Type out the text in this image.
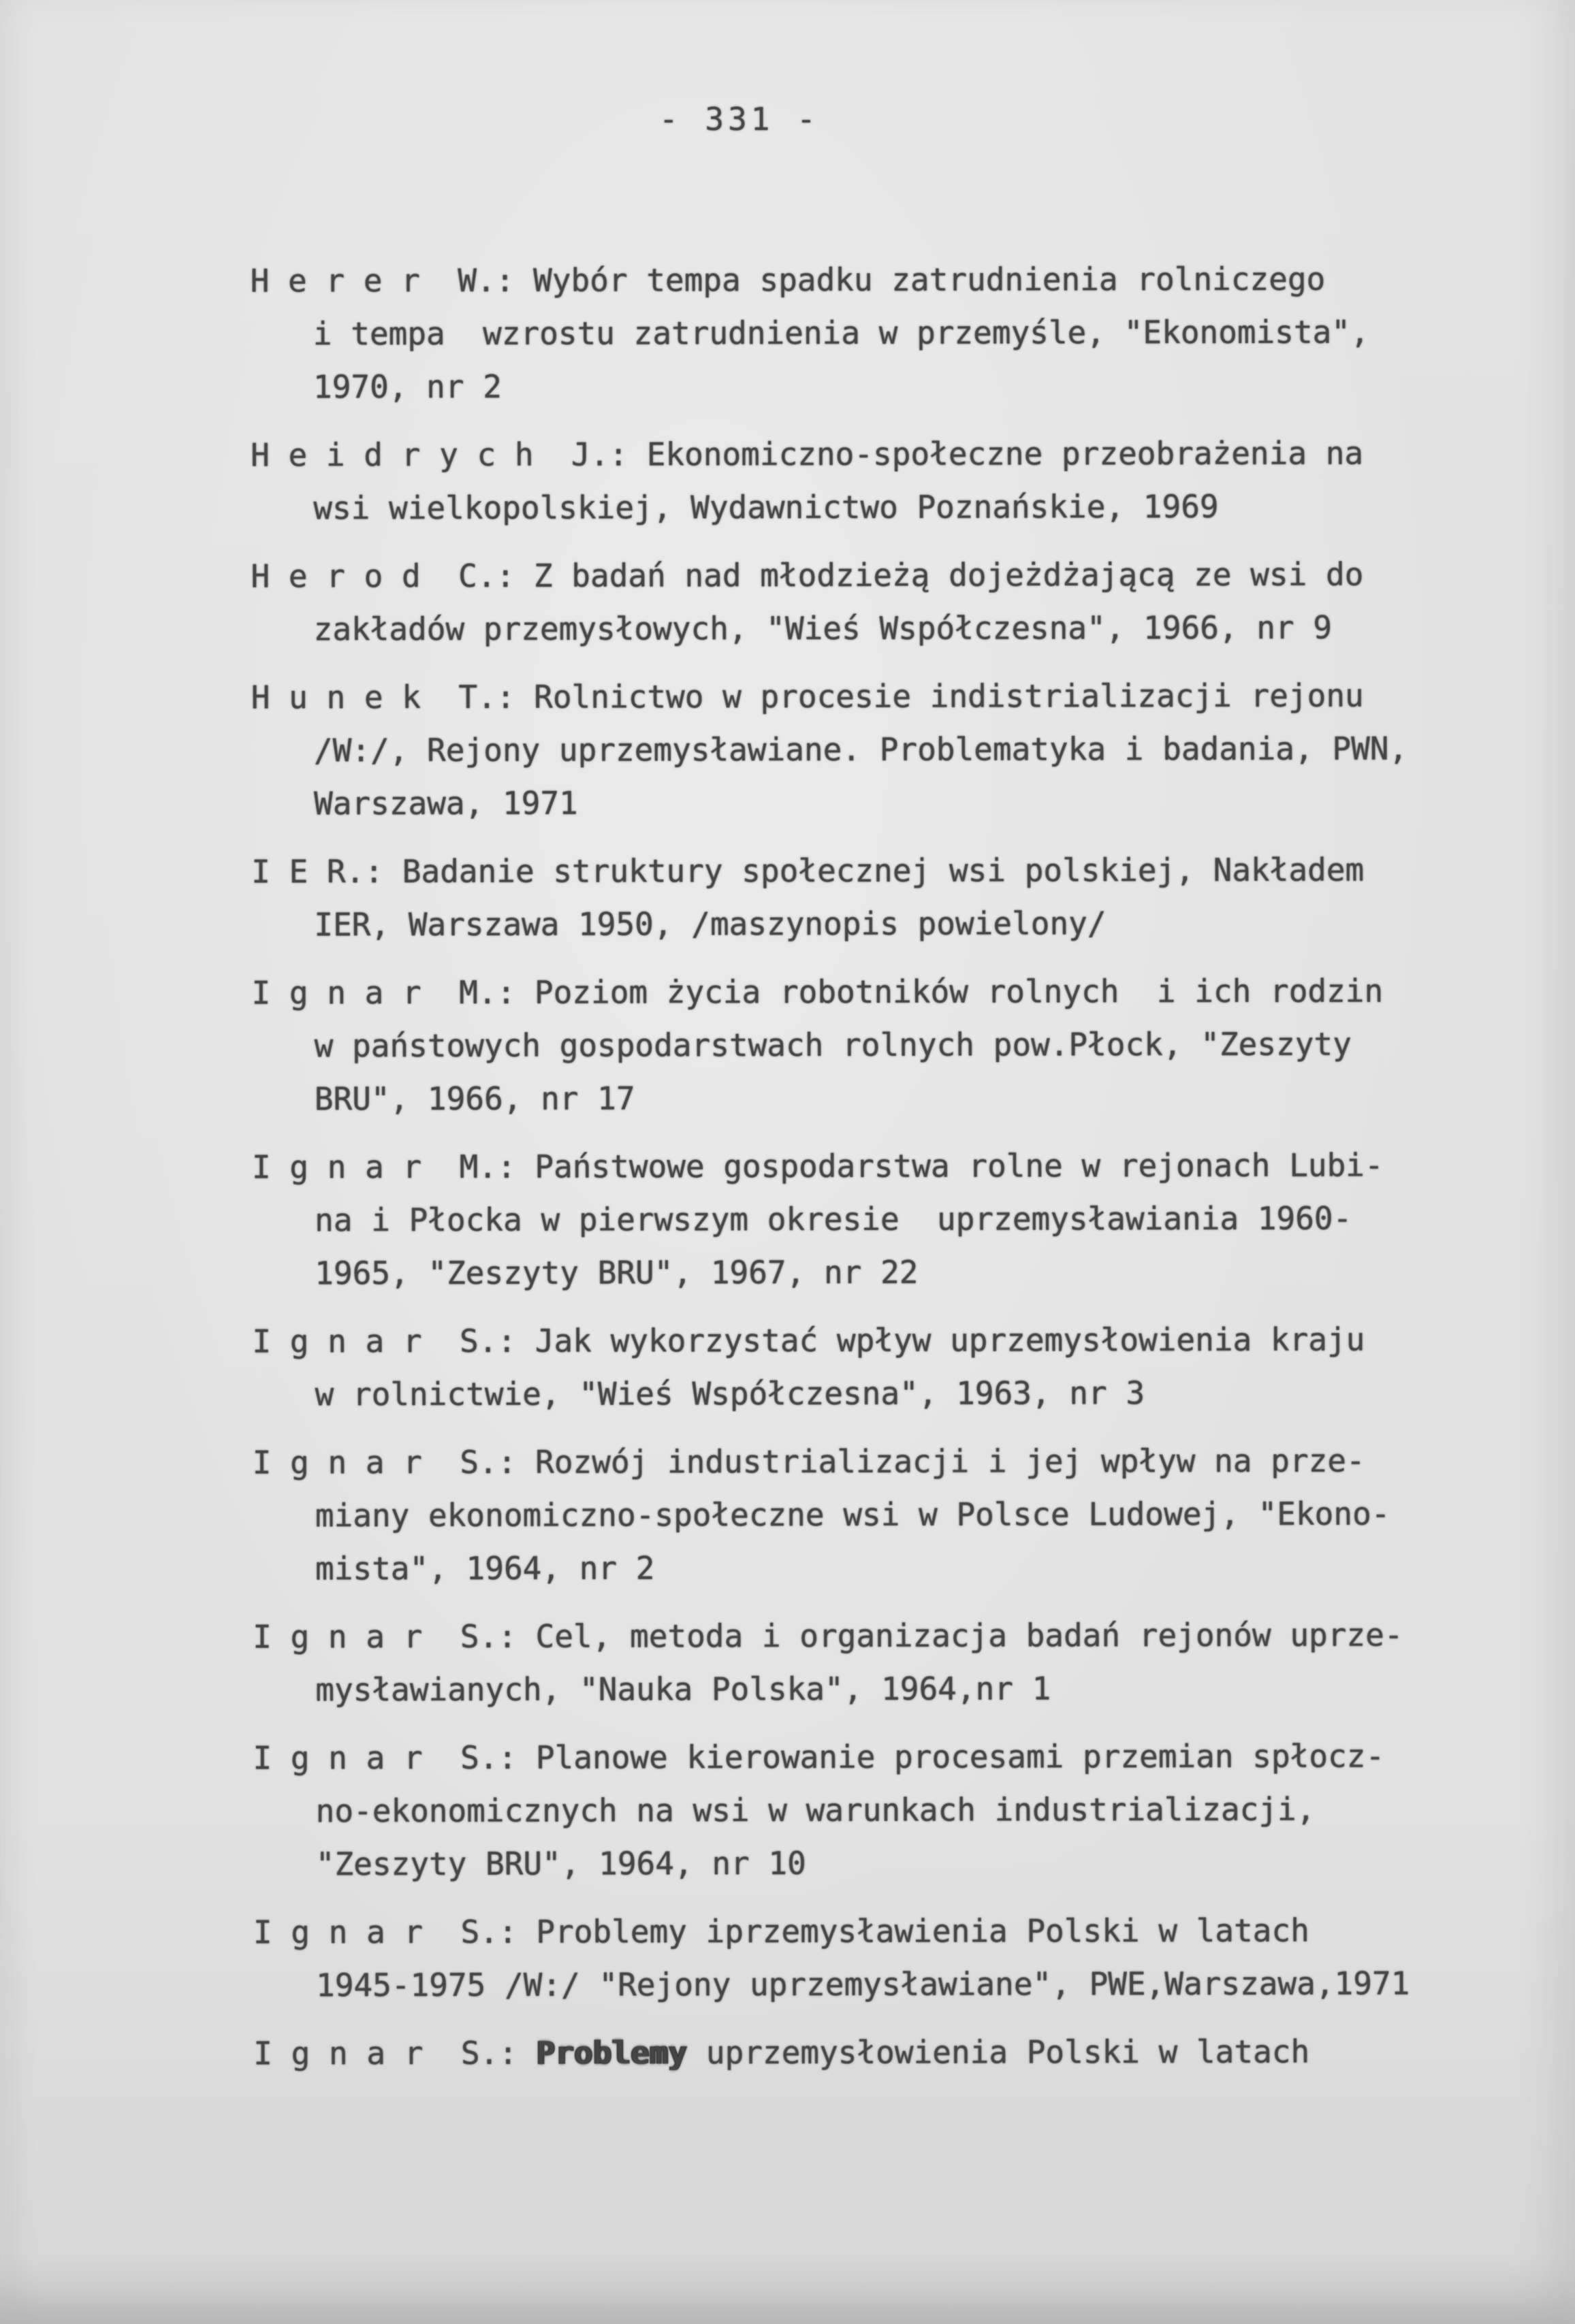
- 331 -
H e r e r  W.: Wybór tempa spadku zatrudnienia rolniczego
i tempa  wzrostu zatrudnienia w przemyśle, "Ekonomista",
1970, nr 2
H e i d r y c h  J.: Ekonomiczno-społeczne przeobrażenia na
wsi wielkopolskiej, Wydawnictwo Poznańskie, 1969
H e r o d  C.: Z badań nad młodzieżą dojeżdżającą ze wsi do
zakładów przemysłowych, "Wieś Współczesna", 1966, nr 9
H u n e k  T.: Rolnictwo w procesie indistrializacji rejonu
/W:/, Rejony uprzemysławiane. Problematyka i badania, PWN,
Warszawa, 1971
I E R.: Badanie struktury społecznej wsi polskiej, Nakładem
IER, Warszawa 1950, /maszynopis powielony/
I g n a r  M.: Poziom życia robotników rolnych  i ich rodzin
w państowych gospodarstwach rolnych pow.Płock, "Zeszyty
BRU", 1966, nr 17
I g n a r  M.: Państwowe gospodarstwa rolne w rejonach Lubi-
na i Płocka w pierwszym okresie  uprzemysławiania 1960-
1965, "Zeszyty BRU", 1967, nr 22
I g n a r  S.: Jak wykorzystać wpływ uprzemysłowienia kraju
w rolnictwie, "Wieś Współczesna", 1963, nr 3
I g n a r  S.: Rozwój industrializacji i jej wpływ na prze-
miany ekonomiczno-społeczne wsi w Polsce Ludowej, "Ekono-
mista", 1964, nr 2
I g n a r  S.: Cel, metoda i organizacja badań rejonów uprze-
mysławianych, "Nauka Polska", 1964,nr 1
I g n a r  S.: Planowe kierowanie procesami przemian spłocz-
no-ekonomicznych na wsi w warunkach industrializacji,
"Zeszyty BRU", 1964, nr 10
I g n a r  S.: Problemy iprzemysławienia Polski w latach
1945-1975 /W:/ "Rejony uprzemysławiane", PWE,Warszawa,1971
I g n a r  S.: Problemy uprzemysłowienia Polski w latach
